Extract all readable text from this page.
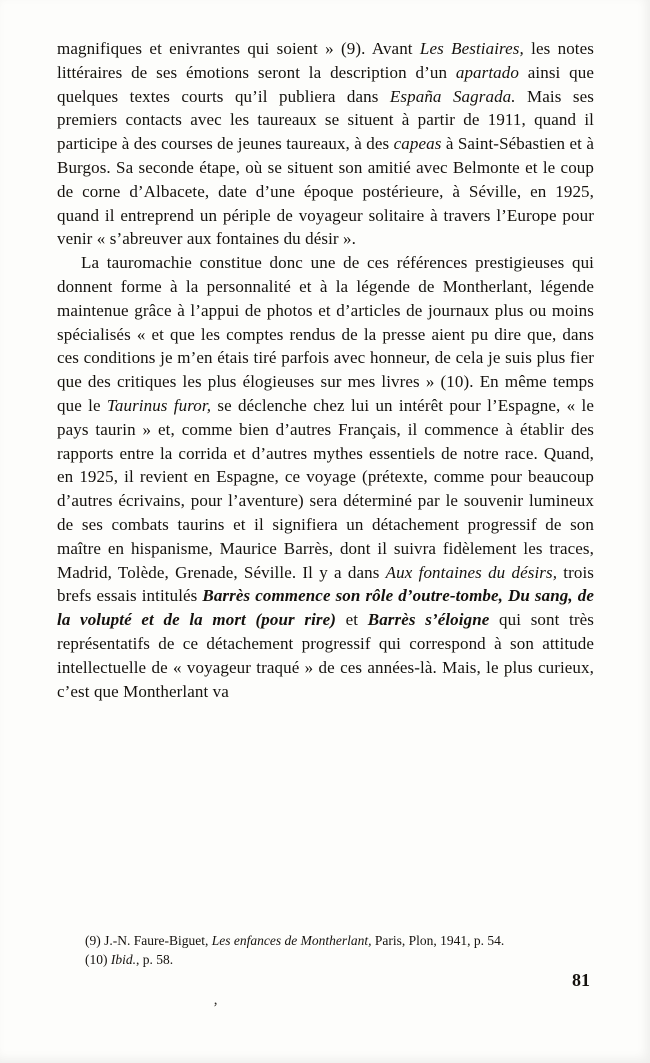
magnifiques et enivrantes qui soient » (9). Avant Les Bestiaires, les notes littéraires de ses émotions seront la description d’un apartado ainsi que quelques textes courts qu’il publiera dans España Sagrada. Mais ses premiers contacts avec les taureaux se situent à partir de 1911, quand il participe à des courses de jeunes taureaux, à des capeas à Saint-Sébastien et à Burgos. Sa seconde étape, où se situent son amitié avec Belmonte et le coup de corne d’Albacete, date d’une époque postérieure, à Séville, en 1925, quand il entreprend un périple de voyageur solitaire à travers l’Europe pour venir « s’abreuver aux fontaines du désir ».

La tauromachie constitue donc une de ces références prestigieuses qui donnent forme à la personnalité et à la légende de Montherlant, légende maintenue grâce à l’appui de photos et d’articles de journaux plus ou moins spécialisés « et que les comptes rendus de la presse aient pu dire que, dans ces conditions je m’en étais tiré parfois avec honneur, de cela je suis plus fier que des critiques les plus élogieuses sur mes livres » (10). En même temps que le Taurinus furor, se déclenche chez lui un intérêt pour l’Espagne, « le pays taurin » et, comme bien d’autres Français, il commence à établir des rapports entre la corrida et d’autres mythes essentiels de notre race. Quand, en 1925, il revient en Espagne, ce voyage (prétexte, comme pour beaucoup d’autres écrivains, pour l’aventure) sera déterminé par le souvenir lumineux de ses combats taurins et il signifiera un détachement progressif de son maître en hispanisme, Maurice Barrès, dont il suivra fidèlement les traces, Madrid, Tolède, Grenade, Séville. Il y a dans Aux fontaines du désirs, trois brefs essais intitulés Barrès commence son rôle d’outre-tombe, Du sang, de la volupté et de la mort (pour rire) et Barrès s’éloigne qui sont très représentatifs de ce détachement progressif qui correspond à son attitude intellectuelle de « voyageur traqué » de ces années-là. Mais, le plus curieux, c’est que Montherlant va

(9) J.-N. Faure-Biguet, Les enfances de Montherlant, Paris, Plon, 1941, p. 54.

(10) Ibid., p. 58.

81
’
